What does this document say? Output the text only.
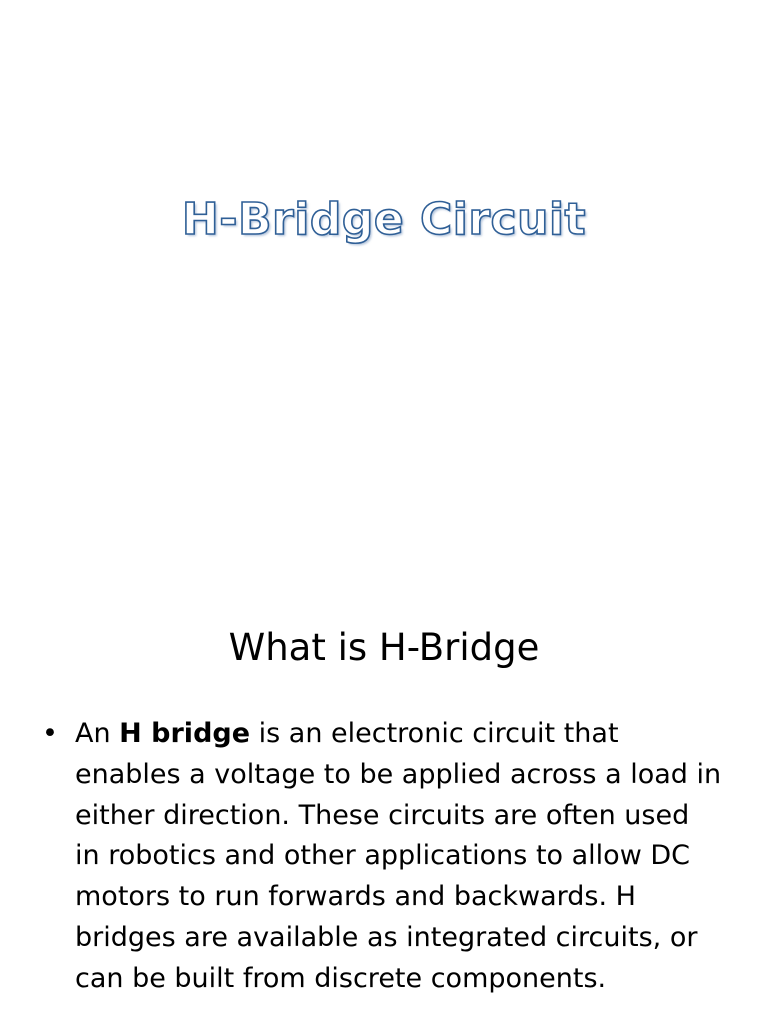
H-Bridge Circuit
What is H-Bridge
• An H bridge is an electronic circuit that enables a voltage to be applied across a load in either direction. These circuits are often used in robotics and other applications to allow DC motors to run forwards and backwards. H bridges are available as integrated circuits, or can be built from discrete components.
